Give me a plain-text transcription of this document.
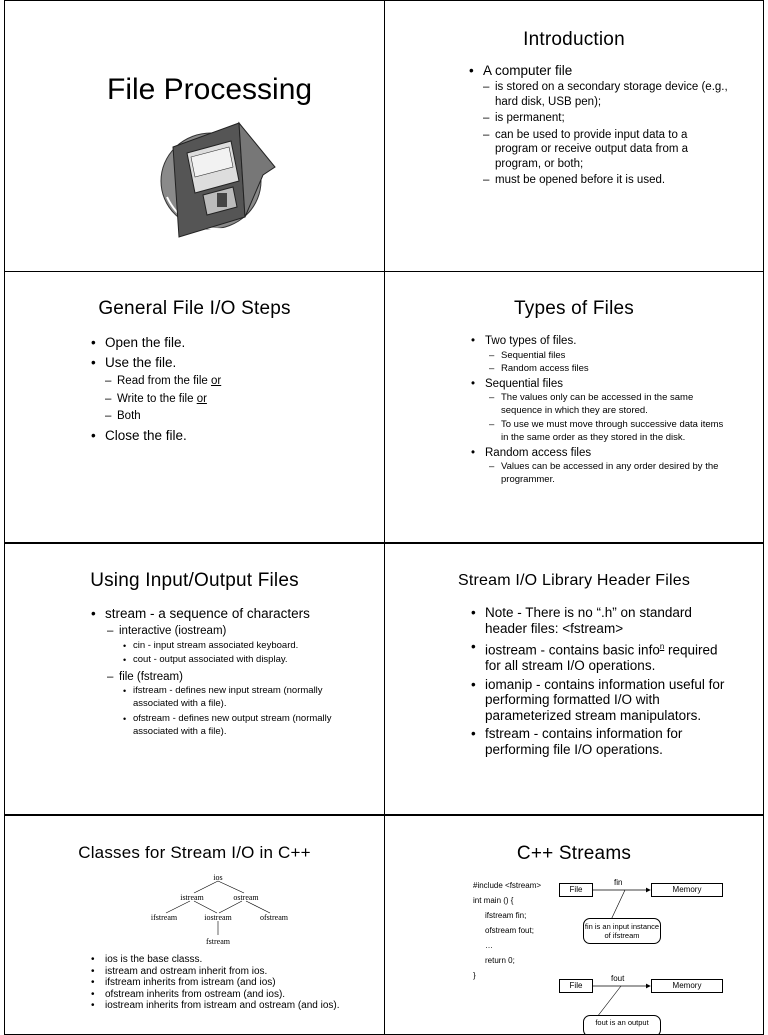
File Processing
Introduction
• A computer file
– is stored on a secondary storage device (e.g., hard disk, USB pen);
– is permanent;
– can be used to provide input data to a program or receive output data from a program, or both;
– must be opened before it is used.
General File I/O Steps
• Open the file.
• Use the file.
– Read from the file or
– Write to the file or
– Both
• Close the file.
Types of Files
• Two types of files.
– Sequential files
– Random access files
• Sequential files
– The values only can be accessed in the same sequence in which they are stored.
– To use we must move through successive data items in the same order as they stored in the disk.
• Random access files
– Values can be accessed in any order desired by the programmer.
Using Input/Output Files
• stream - a sequence of characters
– interactive (iostream)
• cin - input stream associated keyboard.
• cout - output associated with display.
– file (fstream)
• ifstream - defines new input stream (normally associated with a file).
• ofstream - defines new output stream (normally associated with a file).
Stream I/O Library Header Files
• Note - There is no “.h” on standard header files: <fstream>
• iostream - contains basic info$^n$ required for all stream I/O operations.
• iomanip - contains information useful for performing formatted I/O with parameterized stream manipulators.
• fstream - contains information for performing file I/O operations.
Classes for Stream I/O in C++
ios
istream	ostream
ifstream	iostream	ofstream
fstream
• ios is the base classs.
• istream and ostream inherit from ios.
• ifstream inherits from istream (and ios)
• ofstream inherits from ostream (and ios).
• iostream inherits from istream and ostream (and ios).
C++ Streams
#include <fstream>
int main () {
ifstream fin;
ofstream fout;
…
return 0;
}
File
fin
Memory
fin is an input instance of ifstream
File
fout
Memory
fout is an output
